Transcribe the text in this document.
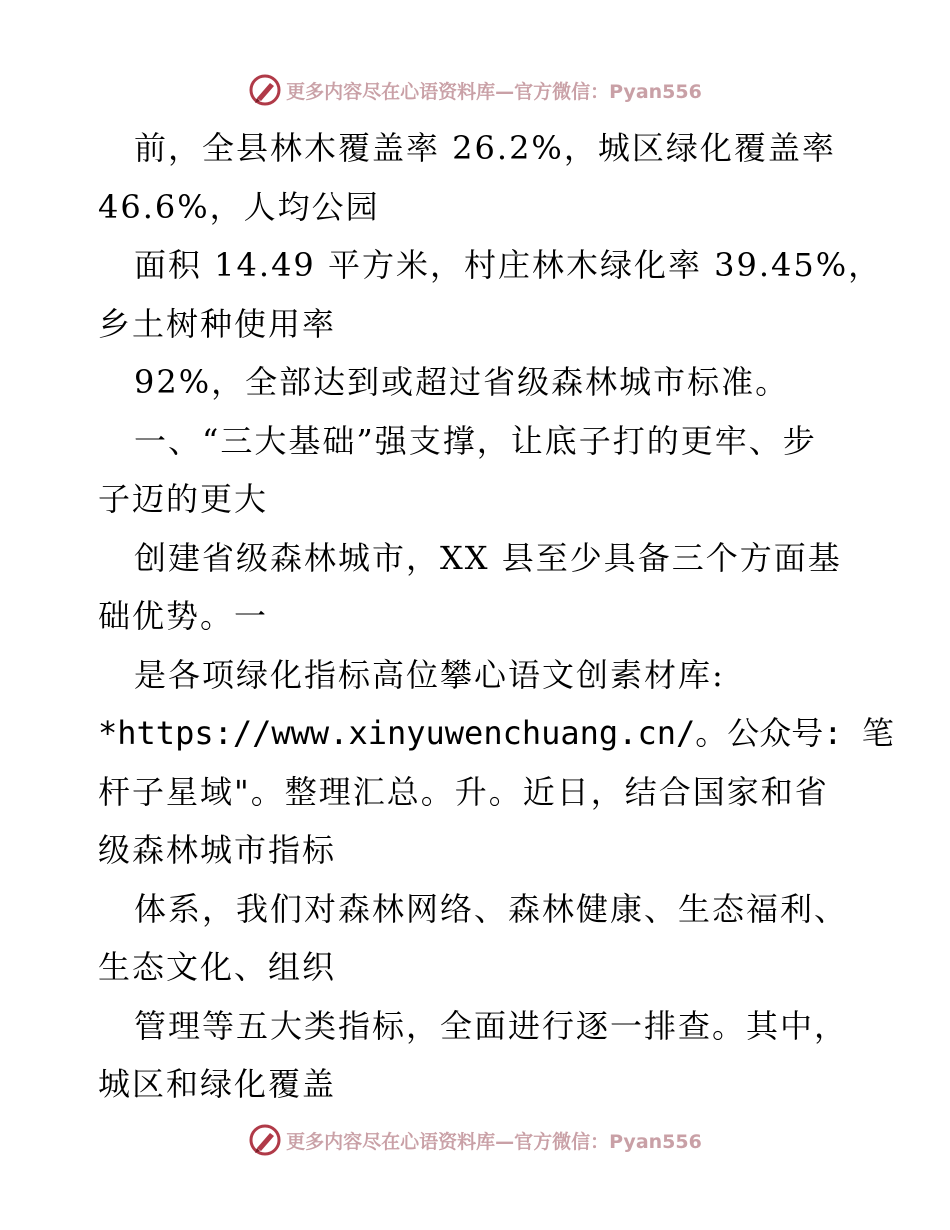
更多内容尽在心语资料库—官方微信：Pyan556
前，全县林木覆盖率 26.2%，城区绿化覆盖率
46.6%，人均公园
面积 14.49 平方米，村庄林木绿化率 39.45%，
乡土树种使用率
92%，全部达到或超过省级森林城市标准。
一、“三大基础”强支撑，让底子打的更牢、步
子迈的更大
创建省级森林城市，XX 县至少具备三个方面基
础优势。一
是各项绿化指标高位攀心语文创素材库:
*https://www.xinyuwenchuang.cn/。公众号: 笔
杆子星域"。整理汇总。升。近日，结合国家和省
级森林城市指标
体系，我们对森林网络、森林健康、生态福利、
生态文化、组织
管理等五大类指标，全面进行逐一排查。其中，
城区和绿化覆盖
更多内容尽在心语资料库—官方微信：Pyan556
